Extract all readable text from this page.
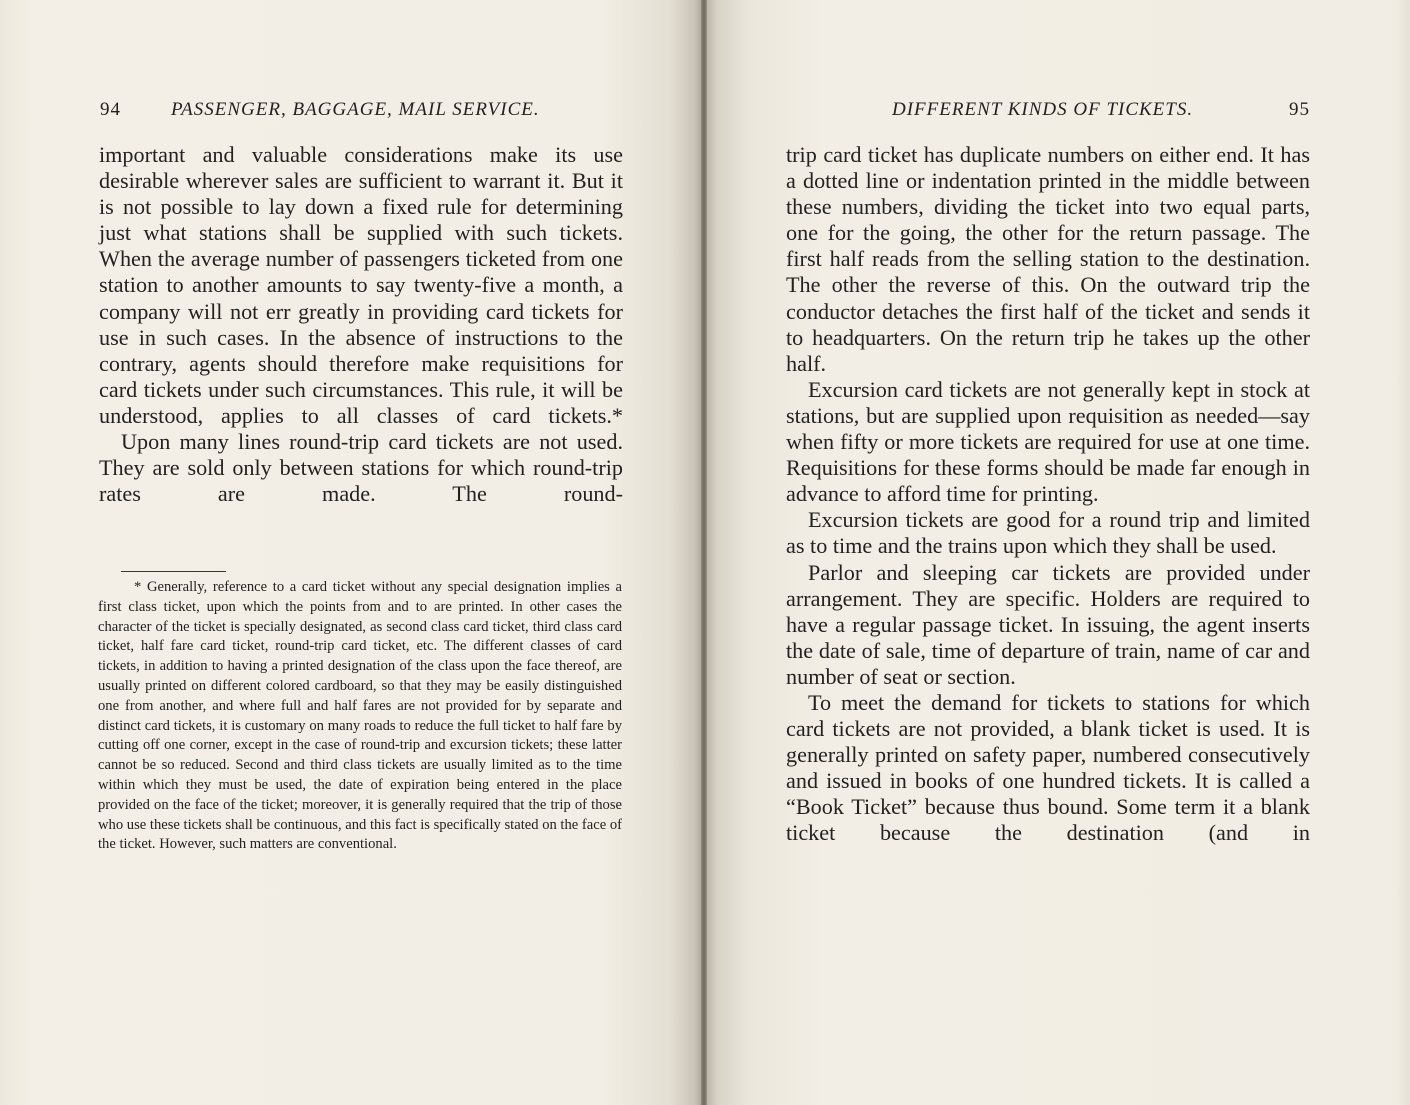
94	PASSENGER, BAGGAGE, MAIL SERVICE.

important and valuable considerations make its use desirable wherever sales are sufficient to warrant it. But it is not possible to lay down a fixed rule for determining just what stations shall be supplied with such tickets. When the average number of passengers ticketed from one station to another amounts to say twenty-five a month, a company will not err greatly in providing card tickets for use in such cases. In the absence of instructions to the contrary, agents should therefore make requisitions for card tickets under such circumstances. This rule, it will be understood, applies to all classes of card tickets.*

Upon many lines round-trip card tickets are not used. They are sold only between stations for which round-trip rates are made. The round-

* Generally, reference to a card ticket without any special designation implies a first class ticket, upon which the points from and to are printed. In other cases the character of the ticket is specially designated, as second class card ticket, third class card ticket, half fare card ticket, round-trip card ticket, etc. The different classes of card tickets, in addition to having a printed designation of the class upon the face thereof, are usually printed on different colored cardboard, so that they may be easily distinguished one from another, and where full and half fares are not provided for by separate and distinct card tickets, it is customary on many roads to reduce the full ticket to half fare by cutting off one corner, except in the case of round-trip and excursion tickets; these latter cannot be so reduced. Second and third class tickets are usually limited as to the time within which they must be used, the date of expiration being entered in the place provided on the face of the ticket; moreover, it is generally required that the trip of those who use these tickets shall be continuous, and this fact is specifically stated on the face of the ticket. However, such matters are conventional.

DIFFERENT KINDS OF TICKETS.	95

trip card ticket has duplicate numbers on either end. It has a dotted line or indentation printed in the middle between these numbers, dividing the ticket into two equal parts, one for the going, the other for the return passage. The first half reads from the selling station to the destination. The other the reverse of this. On the outward trip the conductor detaches the first half of the ticket and sends it to headquarters. On the return trip he takes up the other half.

Excursion card tickets are not generally kept in stock at stations, but are supplied upon requisition as needed—say when fifty or more tickets are required for use at one time. Requisitions for these forms should be made far enough in advance to afford time for printing.

Excursion tickets are good for a round trip and limited as to time and the trains upon which they shall be used.

Parlor and sleeping car tickets are provided under arrangement. They are specific. Holders are required to have a regular passage ticket. In issuing, the agent inserts the date of sale, time of departure of train, name of car and number of seat or section.

To meet the demand for tickets to stations for which card tickets are not provided, a blank ticket is used. It is generally printed on safety paper, numbered consecutively and issued in books of one hundred tickets. It is called a “Book Ticket” because thus bound. Some term it a blank ticket because the destination (and in
